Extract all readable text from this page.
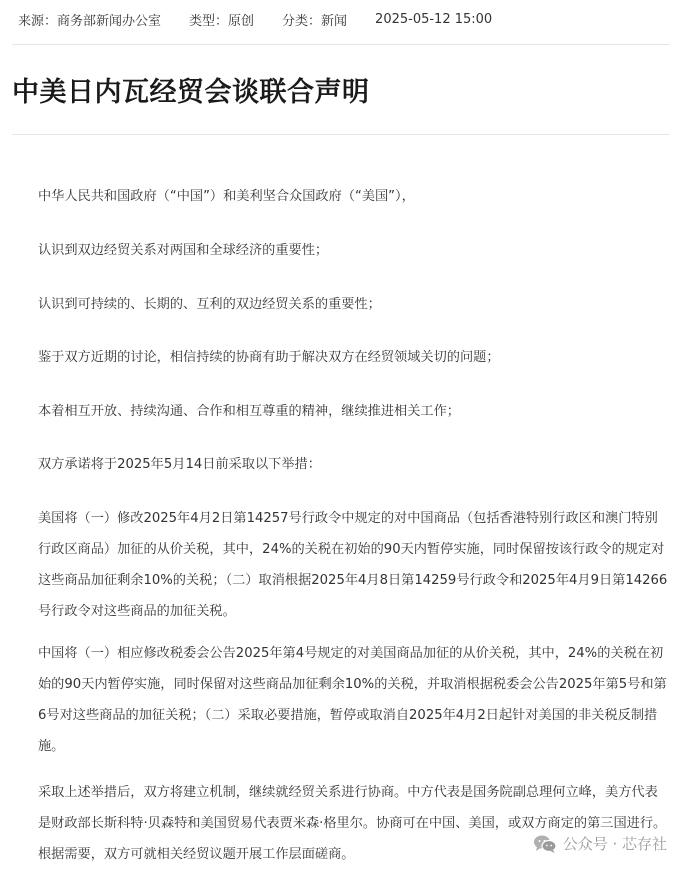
来源：商务部新闻办公室 类型：原创 分类：新闻 2025-05-12 15:00
中美日内瓦经贸会谈联合声明

中华人民共和国政府（“中国”）和美利坚合众国政府（“美国”），

认识到双边经贸关系对两国和全球经济的重要性；

认识到可持续的、长期的、互利的双边经贸关系的重要性；

鉴于双方近期的讨论，相信持续的协商有助于解决双方在经贸领域关切的问题；

本着相互开放、持续沟通、合作和相互尊重的精神，继续推进相关工作；

双方承诺将于2025年5月14日前采取以下举措：

美国将（一）修改2025年4月2日第14257号行政令中规定的对中国商品（包括香港特别行政区和澳门特别行政区商品）加征的从价关税，其中，24%的关税在初始的90天内暂停实施，同时保留按该行政令的规定对这些商品加征剩余10%的关税；（二）取消根据2025年4月8日第14259号行政令和2025年4月9日第14266号行政令对这些商品的加征关税。

中国将（一）相应修改税委会公告2025年第4号规定的对美国商品加征的从价关税，其中，24%的关税在初始的90天内暂停实施，同时保留对这些商品加征剩余10%的关税，并取消根据税委会公告2025年第5号和第6号对这些商品的加征关税；（二）采取必要措施，暂停或取消自2025年4月2日起针对美国的非关税反制措施。

采取上述举措后，双方将建立机制，继续就经贸关系进行协商。中方代表是国务院副总理何立峰，美方代表是财政部长斯科特·贝森特和美国贸易代表贾米森·格里尔。协商可在中国、美国，或双方商定的第三国进行。根据需要，双方可就相关经贸议题开展工作层面磋商。

公众号 · 芯存社
